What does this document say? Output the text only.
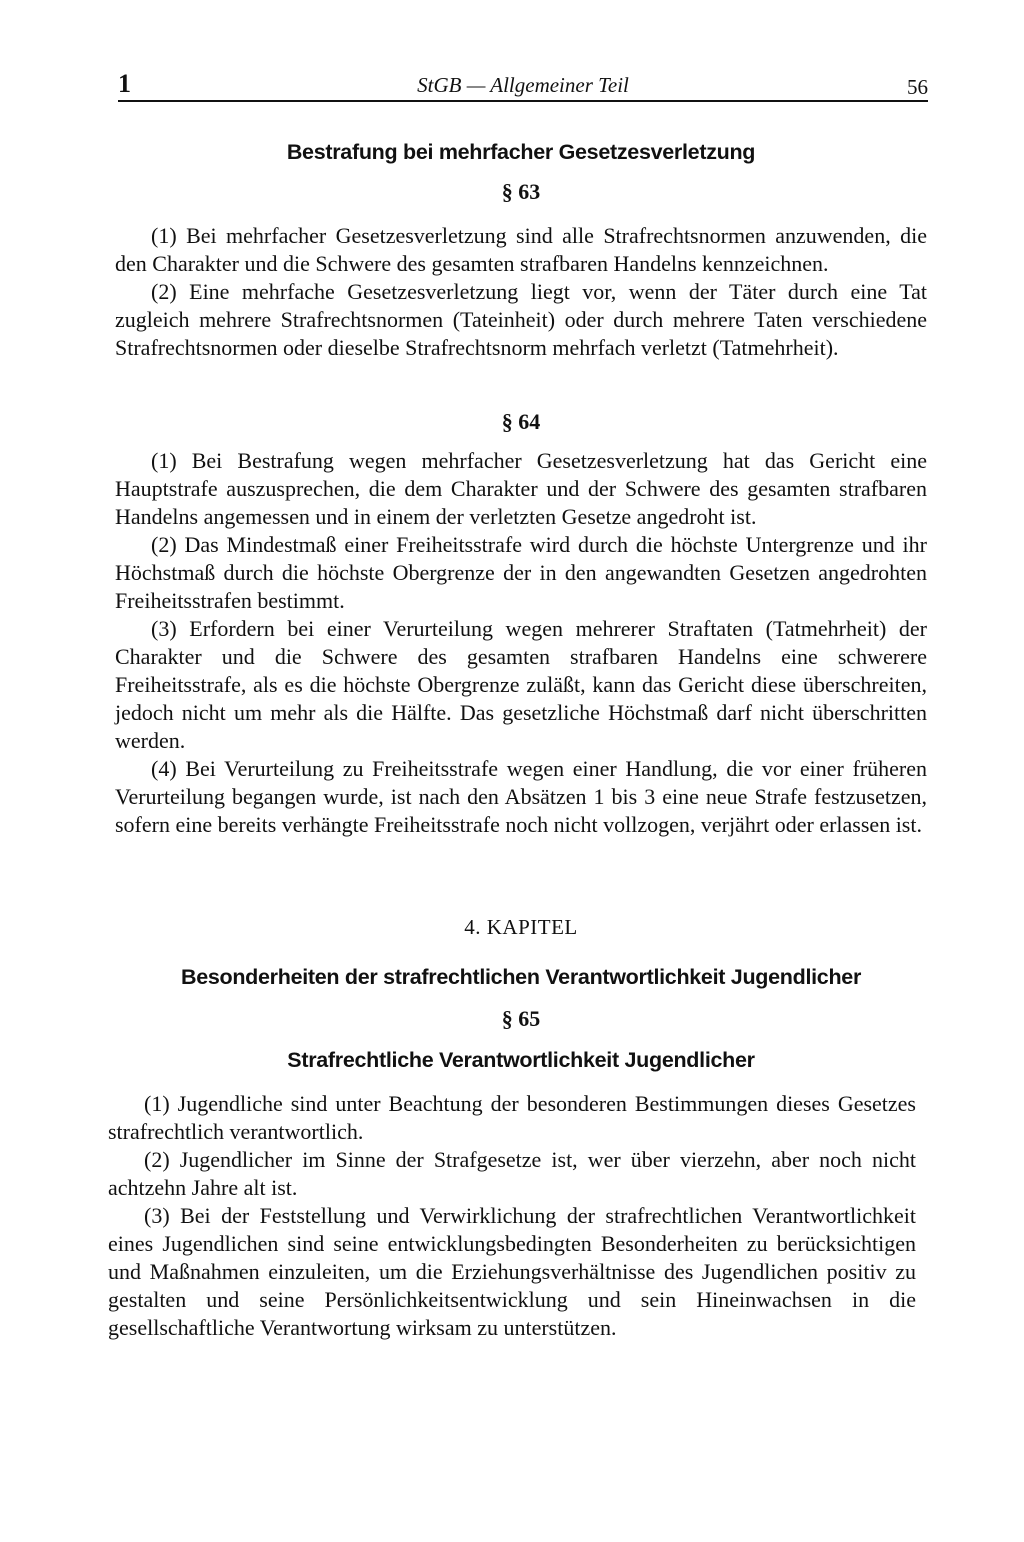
1	StGB — Allgemeiner Teil	56
Bestrafung bei mehrfacher Gesetzesverletzung
§ 63

(1) Bei mehrfacher Gesetzesverletzung sind alle Strafrechtsnormen anzuwenden, die den Charakter und die Schwere des gesamten strafbaren Handelns kennzeichnen.

(2) Eine mehrfache Gesetzesverletzung liegt vor, wenn der Täter durch eine Tat zugleich mehrere Strafrechtsnormen (Tateinheit) oder durch mehrere Taten verschiedene Strafrechtsnormen oder dieselbe Strafrechtsnorm mehrfach verletzt (Tatmehrheit).

§ 64

(1) Bei Bestrafung wegen mehrfacher Gesetzesverletzung hat das Gericht eine Hauptstrafe auszusprechen, die dem Charakter und der Schwere des gesamten strafbaren Handelns angemessen und in einem der verletzten Gesetze angedroht ist.

(2) Das Mindestmaß einer Freiheitsstrafe wird durch die höchste Untergrenze und ihr Höchstmaß durch die höchste Obergrenze der in den angewandten Gesetzen angedrohten Freiheitsstrafen bestimmt.

(3) Erfordern bei einer Verurteilung wegen mehrerer Straftaten (Tatmehrheit) der Charakter und die Schwere des gesamten strafbaren Handelns eine schwerere Freiheitsstrafe, als es die höchste Obergrenze zuläßt, kann das Gericht diese überschreiten, jedoch nicht um mehr als die Hälfte. Das gesetzliche Höchstmaß darf nicht überschritten werden.

(4) Bei Verurteilung zu Freiheitsstrafe wegen einer Handlung, die vor einer früheren Verurteilung begangen wurde, ist nach den Absätzen 1 bis 3 eine neue Strafe festzusetzen, sofern eine bereits verhängte Freiheitsstrafe noch nicht vollzogen, verjährt oder erlassen ist.

4. KAPITEL
Besonderheiten der strafrechtlichen Verantwortlichkeit Jugendlicher
§ 65
Strafrechtliche Verantwortlichkeit Jugendlicher

(1) Jugendliche sind unter Beachtung der besonderen Bestimmungen dieses Gesetzes strafrechtlich verantwortlich.

(2) Jugendlicher im Sinne der Strafgesetze ist, wer über vierzehn, aber noch nicht achtzehn Jahre alt ist.

(3) Bei der Feststellung und Verwirklichung der strafrechtlichen Verantwortlichkeit eines Jugendlichen sind seine entwicklungsbedingten Besonderheiten zu berücksichtigen und Maßnahmen einzuleiten, um die Erziehungsverhältnisse des Jugendlichen positiv zu gestalten und seine Persönlichkeitsentwicklung und sein Hineinwachsen in die gesellschaftliche Verantwortung wirksam zu unterstützen.
